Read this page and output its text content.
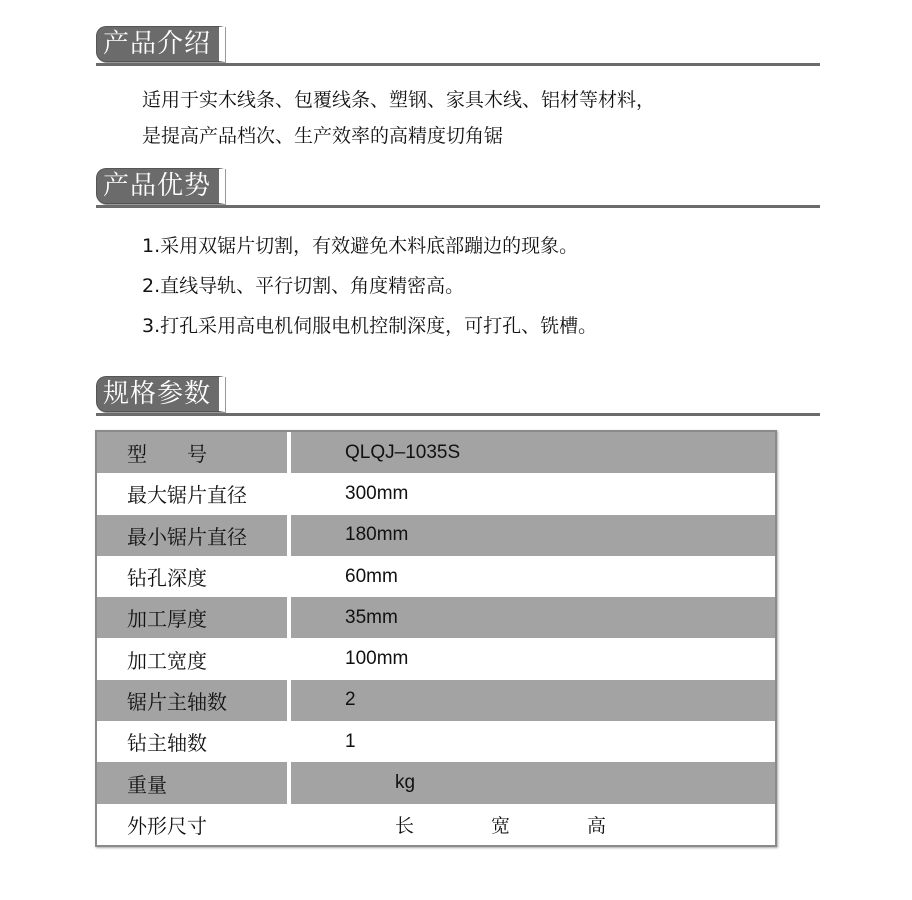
产品介绍

适用于实木线条、包覆线条、塑钢、家具木线、铝材等材料，

是提高产品档次、生产效率的高精度切角锯

产品优势

1.采用双锯片切割，有效避免木料底部蹦边的现象。

2.直线导轨、平行切割、角度精密高。

3.打孔采用高电机伺服电机控制深度，可打孔、铣槽。

规格参数
型 号	QLQJ–1035S
最大锯片直径	300mm
最小锯片直径	180mm
钻孔深度	60mm
加工厚度	35mm
加工宽度	100mm
锯片主轴数	2
钻主轴数	1
重量	kg
外形尺寸	长	宽	高
